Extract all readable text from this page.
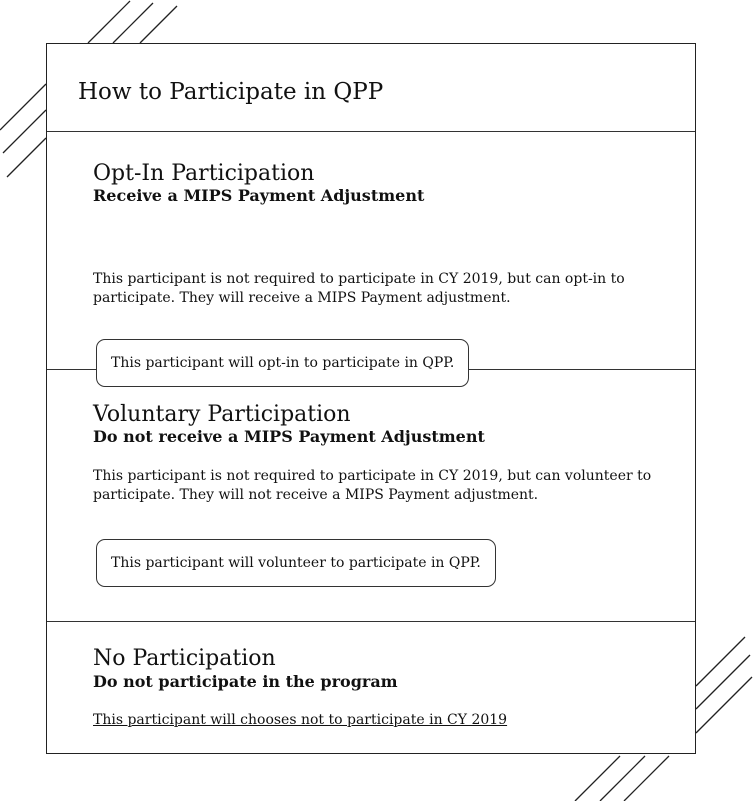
How to Participate in QPP
Opt-In Participation
Receive a MIPS Payment Adjustment

This participant is not required to participate in CY 2019, but can opt-in to participate. They will receive a MIPS Payment adjustment.

This participant will opt-in to participate in QPP.
Voluntary Participation
Do not receive a MIPS Payment Adjustment

This participant is not required to participate in CY 2019, but can volunteer to participate. They will not receive a MIPS Payment adjustment.

This participant will volunteer to participate in QPP.
No Participation
Do not participate in the program
This participant will chooses not to participate in CY 2019
